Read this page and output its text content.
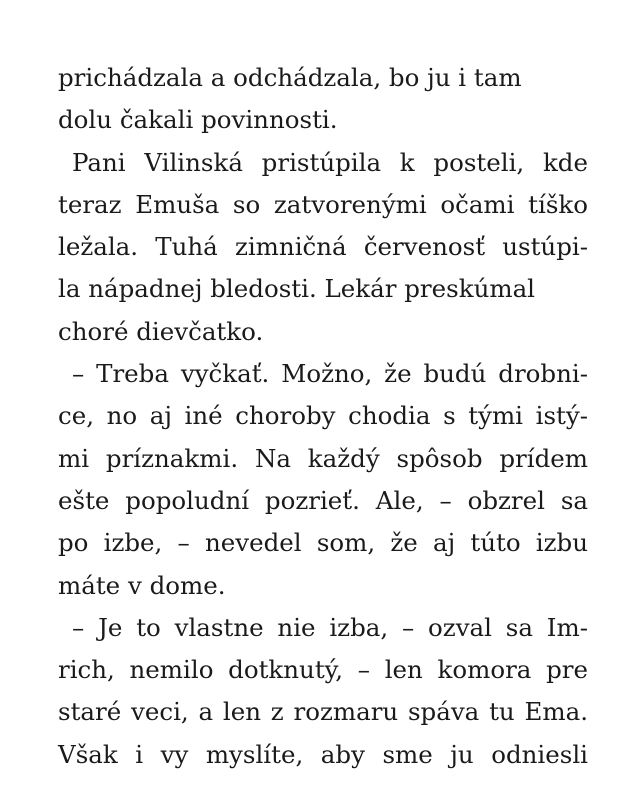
prichádzala a odchádzala, bo ju i tam
dolu čakali povinnosti.
Pani Vilinská pristúpila k posteli, kde
teraz Emuša so zatvorenými očami tíško
ležala. Tuhá zimničná červenosť ustúpi-
la nápadnej bledosti. Lekár preskúmal
choré dievčatko.
– Treba vyčkať. Možno, že budú drobni-
ce, no aj iné choroby chodia s tými istý-
mi príznakmi. Na každý spôsob prídem
ešte popoludní pozrieť. Ale, – obzrel sa
po izbe, – nevedel som, že aj túto izbu
máte v dome.
– Je to vlastne nie izba, – ozval sa Im-
rich, nemilo dotknutý, – len komora pre
staré veci, a len z rozmaru spáva tu Ema.
Však i vy myslíte, aby sme ju odniesli
